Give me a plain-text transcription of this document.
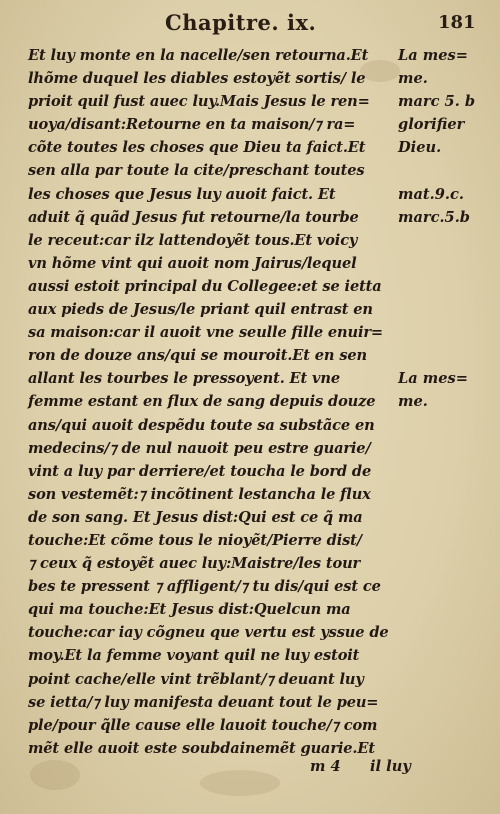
Chapitre. ix.	181
Et luy monte en la nacelle/sen retourna.Et
lhõme duquel les diables estoyẽt sortis/ le
prioit quil fust auec luy.Mais Jesus le ren=
uoya/disant:Retourne en ta maison/⁊ ra=
cõte toutes les choses que Dieu ta faict.Et
sen alla par toute la cite/preschant toutes
les choses que Jesus luy auoit faict. Et
aduit q̃ quãd Jesus fut retourne/la tourbe
le receut:car ilz lattendoyẽt tous.Et voicy
vn hõme vint qui auoit nom Jairus/lequel
aussi estoit principal du Collegee:et se ietta
aux pieds de Jesus/le priant quil entrast en
sa maison:car il auoit vne seulle fille enuir=
ron de douze ans/qui se mouroit.Et en sen
allant les tourbes le pressoyent. Et vne
femme estant en flux de sang depuis douze
ans/qui auoit despẽdu toute sa substãce en
medecins/⁊ de nul nauoit peu estre guarie/
vint a luy par derriere/et toucha le bord de
son vestemẽt:⁊ incõtinent lestancha le flux
de son sang. Et Jesus dist:Qui est ce q̃ ma
touche:Et cõme tous le nioyẽt/Pierre dist/
⁊ ceux q̃ estoyẽt auec luy:Maistre/les tour
bes te pressent ⁊ affligent/⁊ tu dis/qui est ce
qui ma touche:Et Jesus dist:Quelcun ma
touche:car iay cõgneu que vertu est yssue de
moy.Et la femme voyant quil ne luy estoit
point cache/elle vint trẽblant/⁊ deuant luy
se ietta/⁊ luy manifesta deuant tout le peu=
ple/pour q̃lle cause elle lauoit touche/⁊ com
mẽt elle auoit este soubdainemẽt guarie.Et
La mes=
me.
marc 5. b
glorifier
Dieu.
mat.9.c.
marc.5.b
La mes=
me.
m 4 il luy
